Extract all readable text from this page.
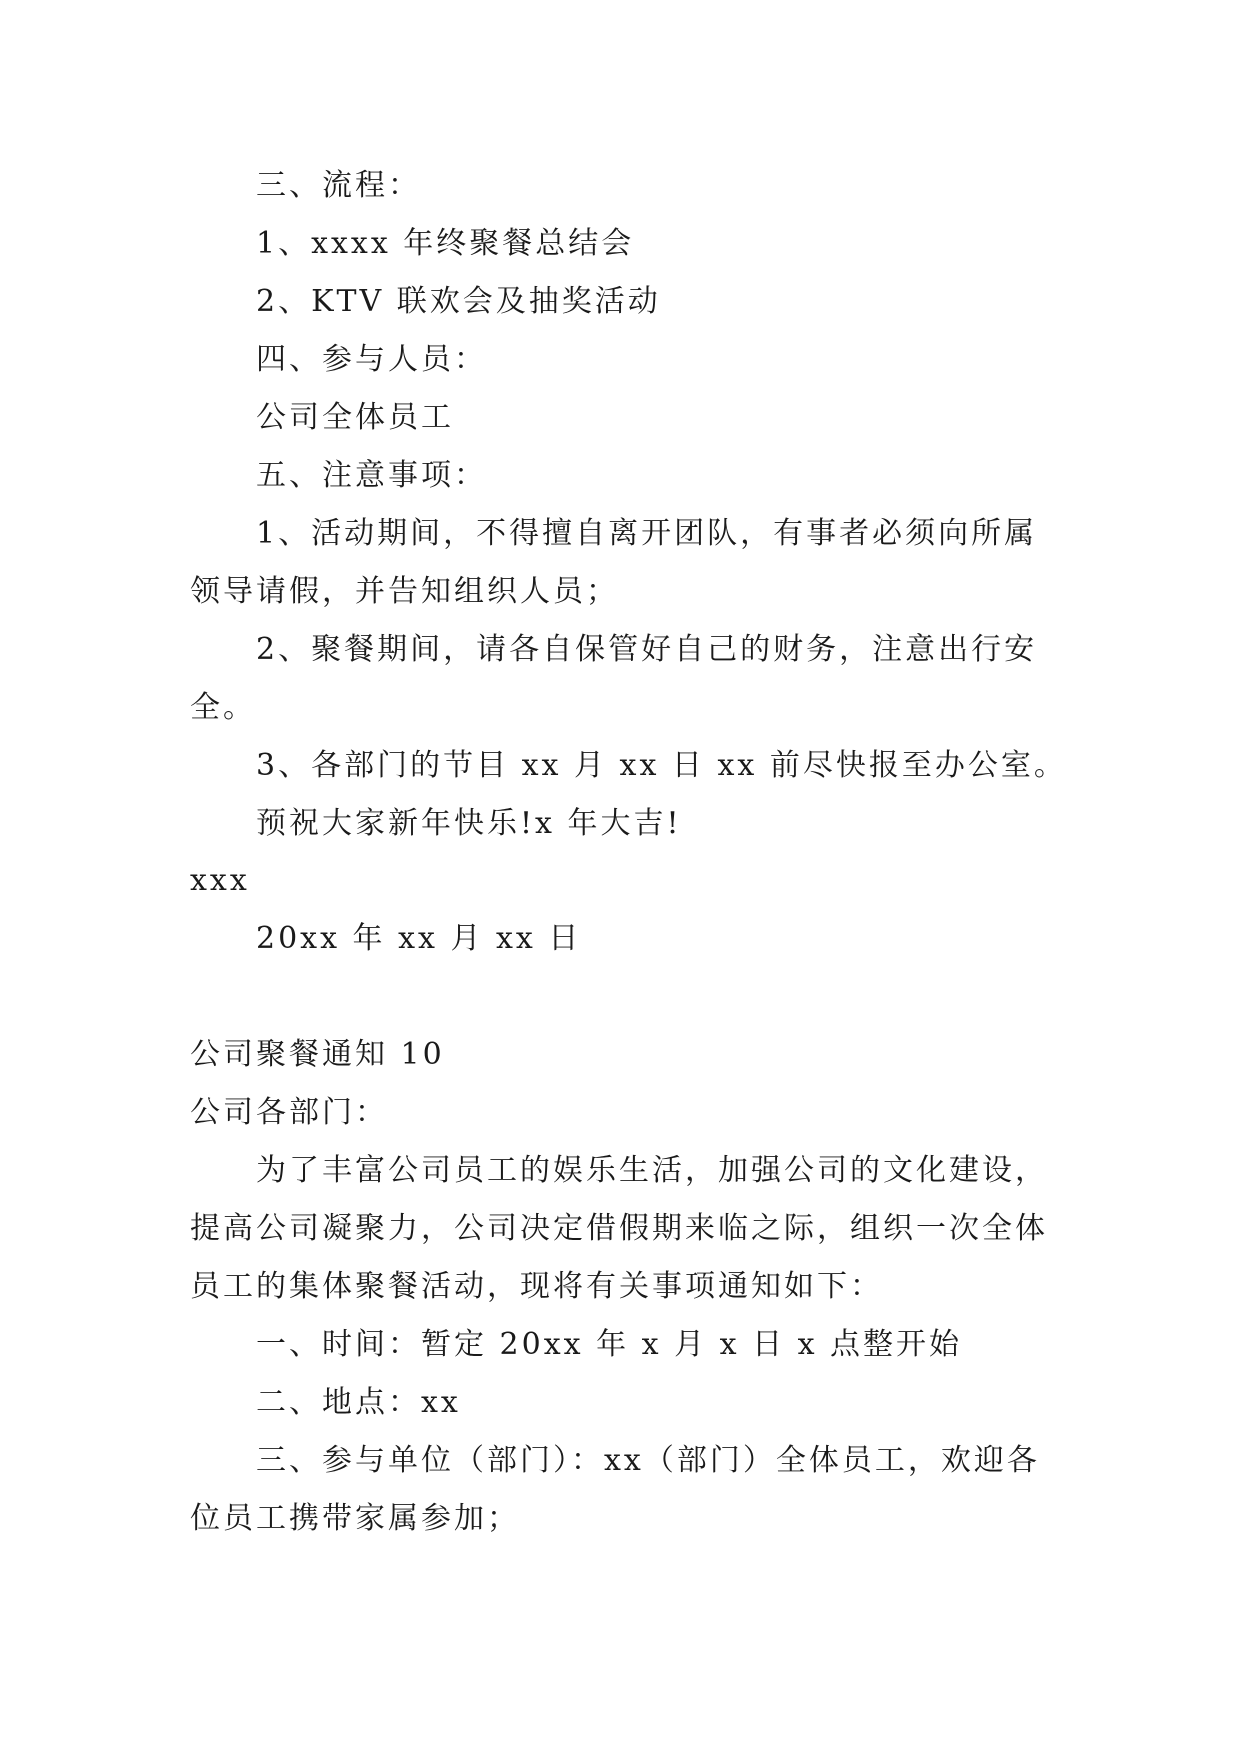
三、流程：

1、xxxx 年终聚餐总结会

2、KTV 联欢会及抽奖活动

四、参与人员：

公司全体员工

五、注意事项：

1、活动期间，不得擅自离开团队，有事者必须向所属

领导请假，并告知组织人员；

2、聚餐期间，请各自保管好自己的财务，注意出行安

全。

3、各部门的节目 xx 月 xx 日 xx 前尽快报至办公室。

预祝大家新年快乐!x 年大吉!

xxx

20xx 年 xx 月 xx 日

公司聚餐通知 10

公司各部门：

为了丰富公司员工的娱乐生活，加强公司的文化建设，

提高公司凝聚力，公司决定借假期来临之际，组织一次全体

员工的集体聚餐活动，现将有关事项通知如下：

一、时间：暂定 20xx 年 x 月 x 日 x 点整开始

二、地点：xx

三、参与单位（部门）：xx（部门）全体员工，欢迎各

位员工携带家属参加；
